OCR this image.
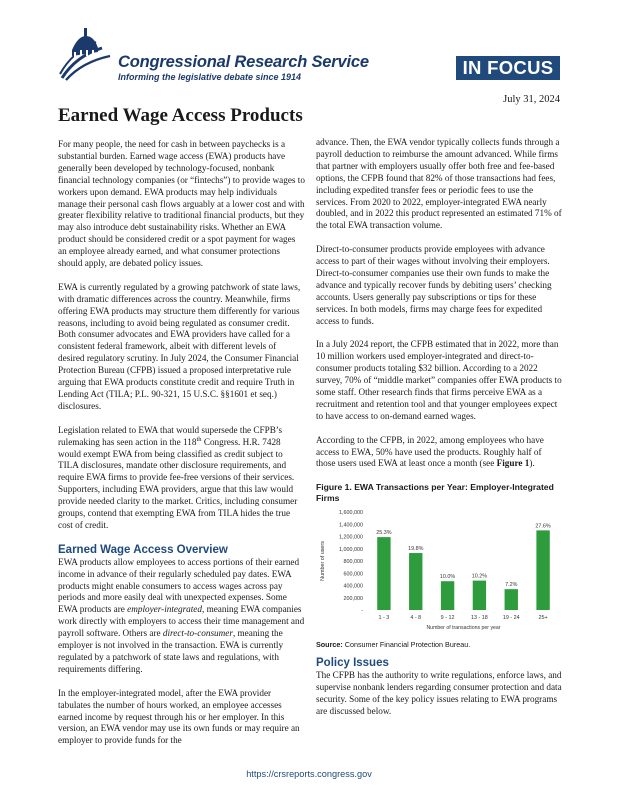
Congressional Research Service
Informing the legislative debate since 1914	IN FOCUS
July 31, 2024
Earned Wage Access Products

For many people, the need for cash in between paychecks is a substantial burden. Earned wage access (EWA) products have generally been developed by technology-focused, nonbank financial technology companies (or “fintechs”) to provide wages to workers upon demand. EWA products may help individuals manage their personal cash flows arguably at a lower cost and with greater flexibility relative to traditional financial products, but they may also introduce debt sustainability risks. Whether an EWA product should be considered credit or a spot payment for wages an employee already earned, and what consumer protections should apply, are debated policy issues.

EWA is currently regulated by a growing patchwork of state laws, with dramatic differences across the country. Meanwhile, firms offering EWA products may structure them differently for various reasons, including to avoid being regulated as consumer credit. Both consumer advocates and EWA providers have called for a consistent federal framework, albeit with different levels of desired regulatory scrutiny. In July 2024, the Consumer Financial Protection Bureau (CFPB) issued a proposed interpretative rule arguing that EWA products constitute credit and require Truth in Lending Act (TILA; P.L. 90-321, 15 U.S.C. §§1601 et seq.) disclosures.

Legislation related to EWA that would supersede the CFPB’s rulemaking has seen action in the 118th Congress. H.R. 7428 would exempt EWA from being classified as credit subject to TILA disclosures, mandate other disclosure requirements, and require EWA firms to provide fee-free versions of their services. Supporters, including EWA providers, argue that this law would provide needed clarity to the market. Critics, including consumer groups, contend that exempting EWA from TILA hides the true cost of credit.

Earned Wage Access Overview

EWA products allow employees to access portions of their earned income in advance of their regularly scheduled pay dates. EWA products might enable consumers to access wages across pay periods and more easily deal with unexpected expenses. Some EWA products are employer-integrated, meaning EWA companies work directly with employers to access their time management and payroll software. Others are direct-to-consumer, meaning the employer is not involved in the transaction. EWA is currently regulated by a patchwork of state laws and regulations, with requirements differing.

In the employer-integrated model, after the EWA provider tabulates the number of hours worked, an employee accesses earned income by request through his or her employer. In this version, an EWA vendor may use its own funds or may require an employer to provide funds for the

advance. Then, the EWA vendor typically collects funds through a payroll deduction to reimburse the amount advanced. While firms that partner with employers usually offer both free and fee-based options, the CFPB found that 82% of those transactions had fees, including expedited transfer fees or periodic fees to use the services. From 2020 to 2022, employer-integrated EWA nearly doubled, and in 2022 this product represented an estimated 71% of the total EWA transaction volume.

Direct-to-consumer products provide employees with advance access to part of their wages without involving their employers. Direct-to-consumer companies use their own funds to make the advance and typically recover funds by debiting users’ checking accounts. Users generally pay subscriptions or tips for these services. In both models, firms may charge fees for expedited access to funds.

In a July 2024 report, the CFPB estimated that in 2022, more than 10 million workers used employer-integrated and direct-to-consumer products totaling $32 billion. According to a 2022 survey, 70% of “middle market” companies offer EWA products to some staff. Other research finds that firms perceive EWA as a recruitment and retention tool and that younger employees expect to have access to on-demand earned wages.

According to the CFPB, in 2022, among employees who have access to EWA, 50% have used the products. Roughly half of those users used EWA at least once a month (see Figure 1).

Figure 1. EWA Transactions per Year: Employer-Integrated Firms
-
200,000
400,000
600,000
800,000
1,000,000
1,200,000
1,400,000
1,600,000
Number of users
25.3%
1 - 3
19.8%
4 - 8
10.0%
9 - 12
10.2%
13 - 18
7.2%
19 - 24
27.6%
25+
Number of transactions per year
Source: Consumer Financial Protection Bureau.
Policy Issues

The CFPB has the authority to write regulations, enforce laws, and supervise nonbank lenders regarding consumer protection and data security. Some of the key policy issues relating to EWA programs are discussed below.

https://crsreports.congress.gov
